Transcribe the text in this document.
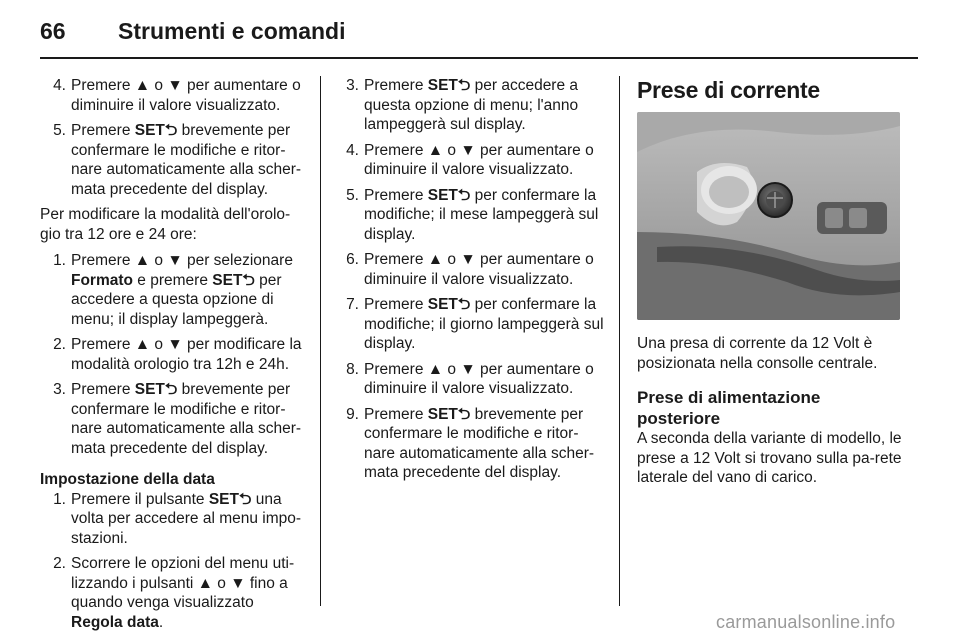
66 Strumenti e comandi
4. Premere ▲ o ▼ per aumentare o diminuire il valore visualizzato.
5. Premere SET⮌ brevemente per confermare le modifiche e ritor-nare automaticamente alla scher-mata precedente del display.

Per modificare la modalità dell'orolo-gio tra 12 ore e 24 ore:

1. Premere ▲ o ▼ per selezionare Formato e premere SET⮌ per accedere a questa opzione di menu; il display lampeggerà.
2. Premere ▲ o ▼ per modificare la modalità orologio tra 12h e 24h.
3. Premere SET⮌ brevemente per confermare le modifiche e ritor-nare automaticamente alla scher-mata precedente del display.
Impostazione della data
1. Premere il pulsante SET⮌ una volta per accedere al menu impo-stazioni.
2. Scorrere le opzioni del menu uti-lizzando i pulsanti ▲ o ▼ fino a quando venga visualizzato Regola data.
3. Premere SET⮌ per accedere a questa opzione di menu; l'anno lampeggerà sul display.
4. Premere ▲ o ▼ per aumentare o diminuire il valore visualizzato.
5. Premere SET⮌ per confermare la modifiche; il mese lampeggerà sul display.
6. Premere ▲ o ▼ per aumentare o diminuire il valore visualizzato.
7. Premere SET⮌ per confermare la modifiche; il giorno lampeggerà sul display.
8. Premere ▲ o ▼ per aumentare o diminuire il valore visualizzato.
9. Premere SET⮌ brevemente per confermare le modifiche e ritor-nare automaticamente alla scher-mata precedente del display.
Prese di corrente

Una presa di corrente da 12 Volt è posizionata nella consolle centrale.

Prese di alimentazione posteriore

A seconda della variante di modello, le prese a 12 Volt si trovano sulla pa-rete laterale del vano di carico.

carmanualsonline.info
